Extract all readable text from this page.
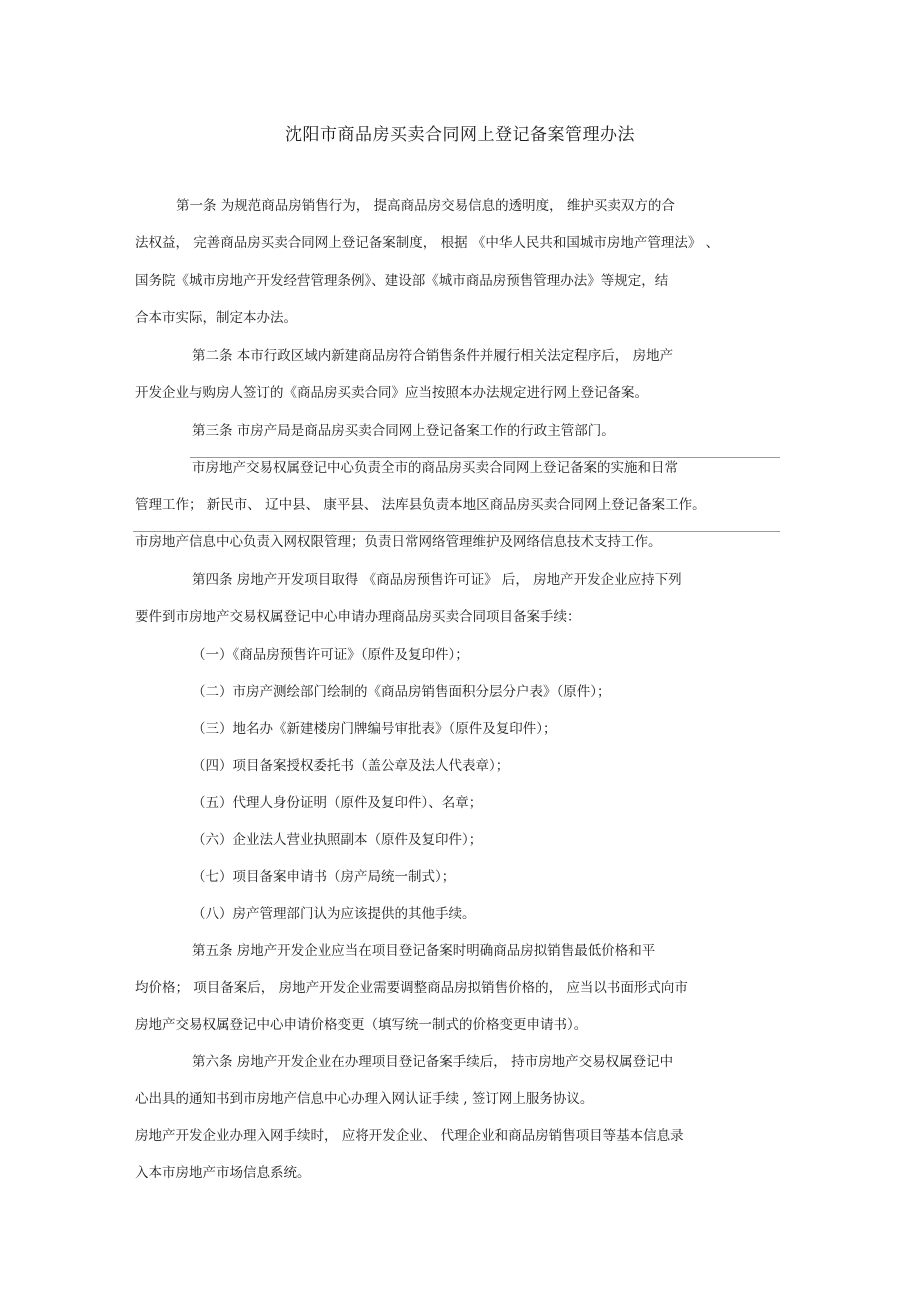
沈阳市商品房买卖合同网上登记备案管理办法
第一条 为规范商品房销售行为， 提高商品房交易信息的透明度， 维护买卖双方的合
法权益， 完善商品房买卖合同网上登记备案制度， 根据 《中华人民共和国城市房地产管理法》 、
国务院《城市房地产开发经营管理条例》、建设部《城市商品房预售管理办法》等规定，结
合本市实际，制定本办法。
第二条 本市行政区域内新建商品房符合销售条件并履行相关法定程序后， 房地产
开发企业与购房人签订的《商品房买卖合同》应当按照本办法规定进行网上登记备案。
第三条 市房产局是商品房买卖合同网上登记备案工作的行政主管部门。
市房地产交易权属登记中心负责全市的商品房买卖合同网上登记备案的实施和日常
管理工作； 新民市、 辽中县、 康平县、 法库县负责本地区商品房买卖合同网上登记备案工作。
市房地产信息中心负责入网权限管理；负责日常网络管理维护及网络信息技术支持工作。
第四条 房地产开发项目取得 《商品房预售许可证》 后， 房地产开发企业应持下列
要件到市房地产交易权属登记中心申请办理商品房买卖合同项目备案手续：
（一）《商品房预售许可证》（原件及复印件）；
（二）市房产测绘部门绘制的《商品房销售面积分层分户表》（原件）；
（三）地名办《新建楼房门牌编号审批表》（原件及复印件）；
（四）项目备案授权委托书（盖公章及法人代表章）；
（五）代理人身份证明（原件及复印件）、名章；
（六）企业法人营业执照副本（原件及复印件）；
（七）项目备案申请书（房产局统一制式）；
（八）房产管理部门认为应该提供的其他手续。
第五条 房地产开发企业应当在项目登记备案时明确商品房拟销售最低价格和平
均价格； 项目备案后， 房地产开发企业需要调整商品房拟销售价格的， 应当以书面形式向市
房地产交易权属登记中心申请价格变更（填写统一制式的价格变更申请书）。
第六条 房地产开发企业在办理项目登记备案手续后， 持市房地产交易权属登记中
心出具的通知书到市房地产信息中心办理入网认证手续 , 签订网上服务协议。
房地产开发企业办理入网手续时， 应将开发企业、 代理企业和商品房销售项目等基本信息录
入本市房地产市场信息系统。
